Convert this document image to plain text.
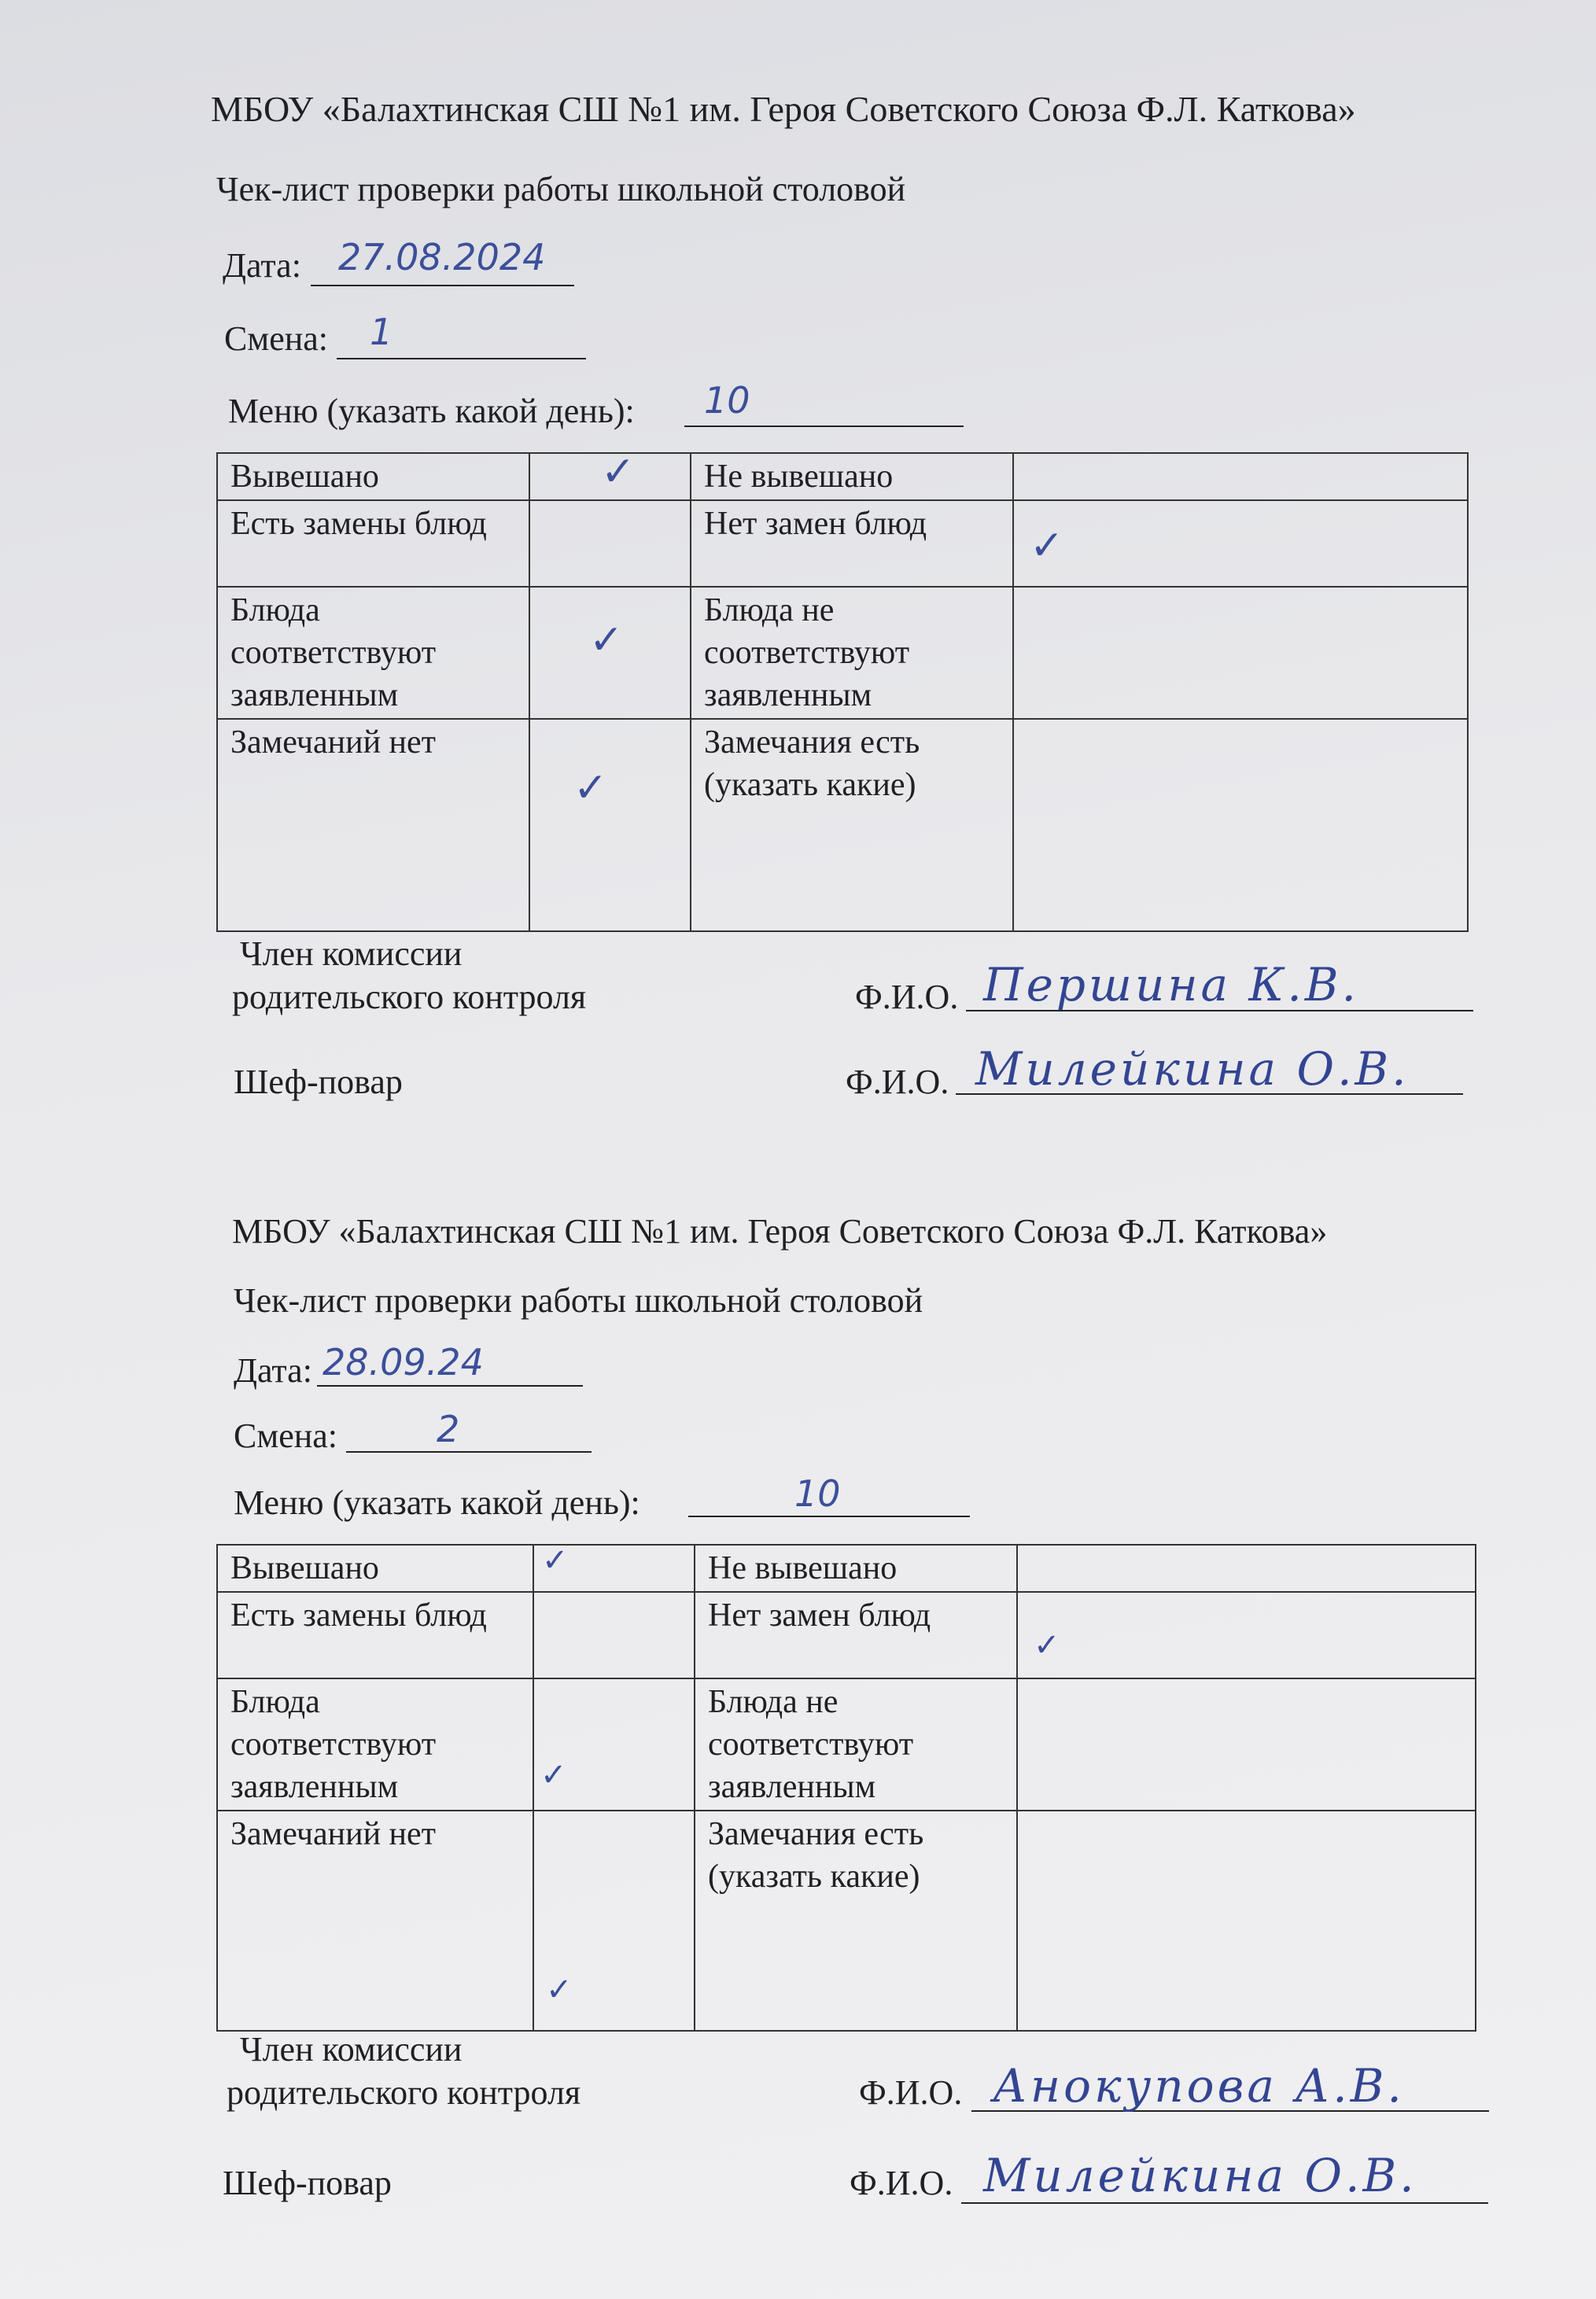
МБОУ «Балахтинская СШ №1 им. Героя Советского Союза Ф.Л. Каткова»
Чек-лист проверки работы школьной столовой
Дата: 27.08.2024
Смена: 1
Меню (указать какой день): 10
Вывешано	✓	Не вывешано	

Есть замены блюд		Нет замен блюд	✓

Блюда соответствуют заявленным	✓	Блюда не соответствуют заявленным	

Замечаний нет	✓	Замечания есть (указать какие)	
Член комиссии
родительского контроля	Ф.И.О. Першина К.В.
Шеф-повар	Ф.И.О. Милейкина О.В.
МБОУ «Балахтинская СШ №1 им. Героя Советского Союза Ф.Л. Каткова»
Чек-лист проверки работы школьной столовой
Дата: 28.09.24
Смена:	2
Меню (указать какой день):	10
Вывешано	✓	Не вывешано	

Есть замены блюд		Нет замен блюд	✓

Блюда соответствуют заявленным	✓	Блюда не соответствуют заявленным	

Замечаний нет	✓	Замечания есть (указать какие)	
Член комиссии
родительского контроля	Ф.И.О. Анокупова А.В.
Шеф-повар	Ф.И.О. Милейкина О.В.
